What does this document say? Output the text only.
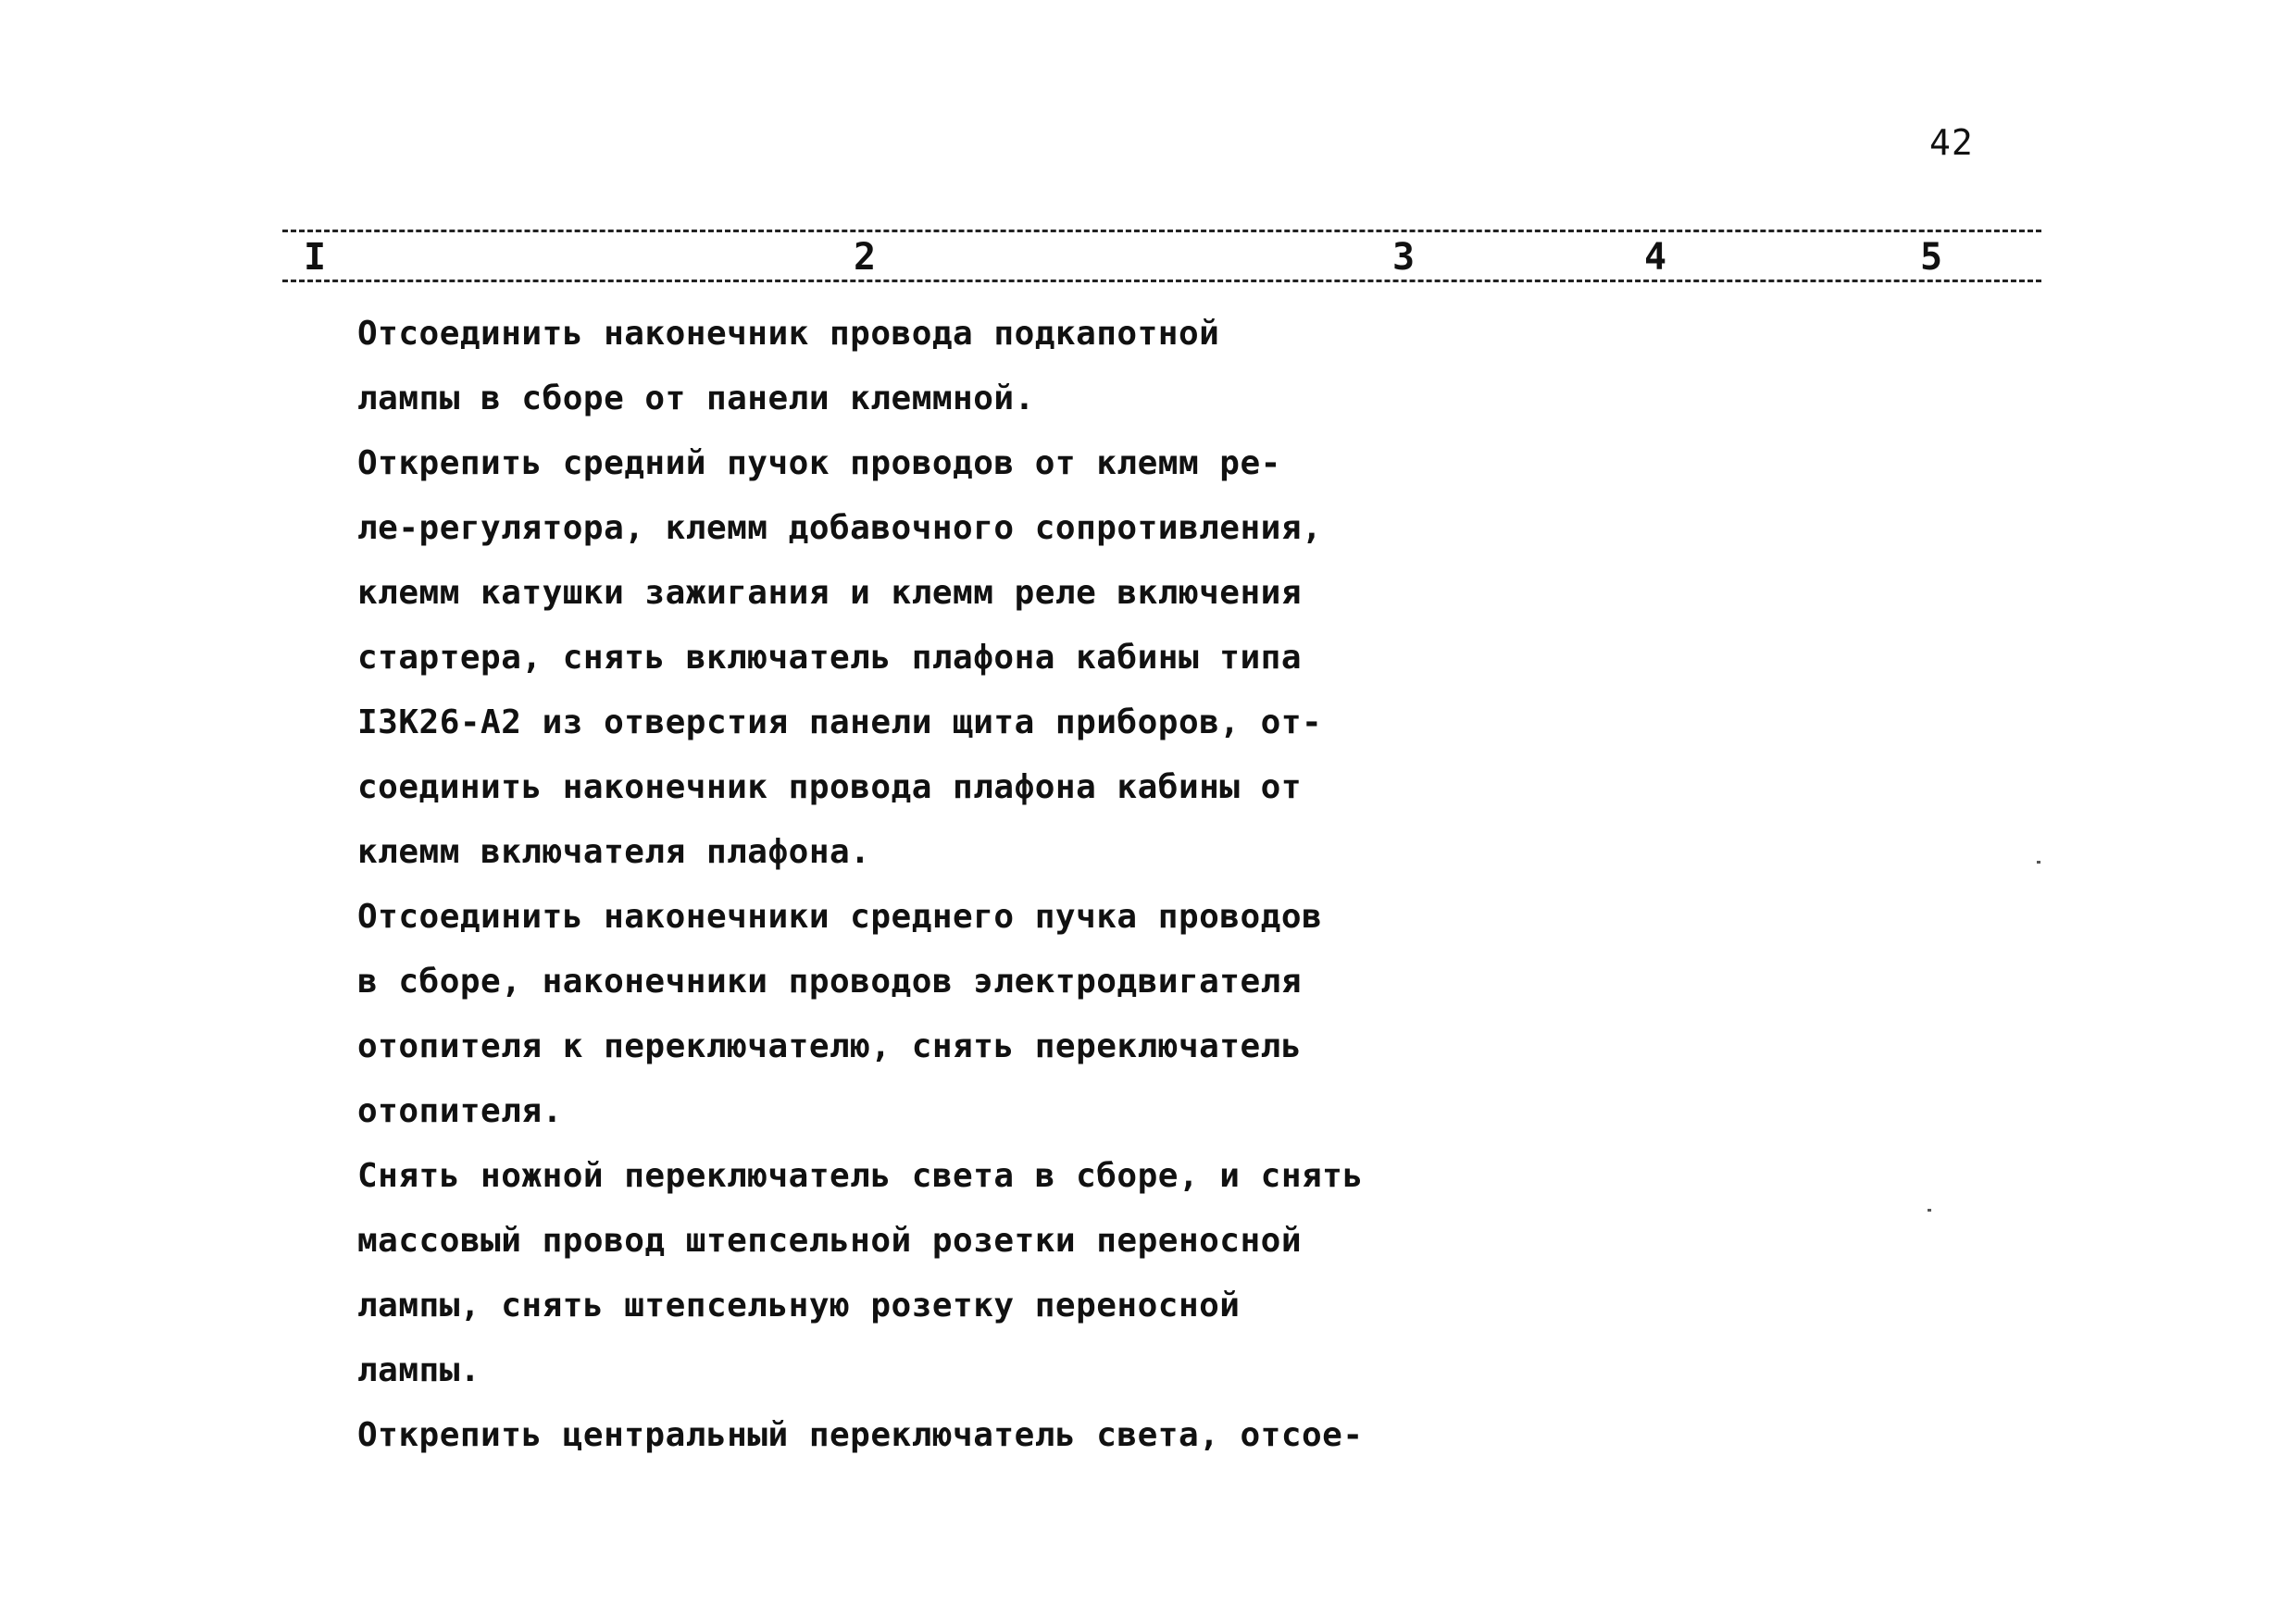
42
I	2	3	4	5
Отсоединить наконечник провода подкапотной
лампы в сборе от панели клеммной.
Открепить средний пучок проводов от клемм ре-
ле-регулятора, клемм добавочного сопротивления,
клемм катушки зажигания и клемм реле включения
стартера, снять включатель плафона кабины типа
I3K26-A2 из отверстия панели щита приборов, от-
соединить наконечник провода плафона кабины от
клемм включателя плафона.
Отсоединить наконечники среднего пучка проводов
в сборе, наконечники проводов электродвигателя
отопителя к переключателю, снять переключатель
отопителя.
Снять ножной переключатель света в сборе, и снять
массовый провод штепсельной розетки переносной
лампы, снять штепсельную розетку переносной
лампы.
Открепить центральный переключатель света, отсое-
